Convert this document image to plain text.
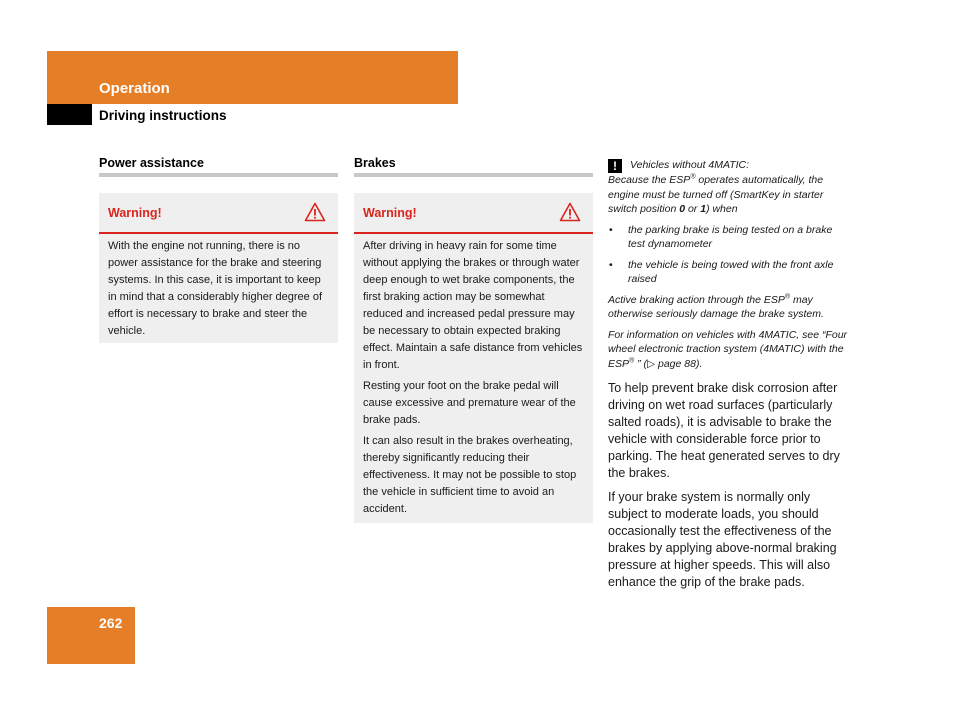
Operation
Driving instructions
Power assistance
Warning!

With the engine not running, there is no power assistance for the brake and steering systems. In this case, it is important to keep in mind that a considerably higher degree of effort is necessary to brake and steer the vehicle.

Brakes
Warning!

After driving in heavy rain for some time without applying the brakes or through water deep enough to wet brake components, the first braking action may be somewhat reduced and increased pedal pressure may be necessary to obtain expected braking effect. Maintain a safe distance from vehicles in front.

Resting your foot on the brake pedal will cause excessive and premature wear of the brake pads.

It can also result in the brakes overheating, thereby significantly reducing their effectiveness. It may not be possible to stop the vehicle in sufficient time to avoid an accident.

! Vehicles without 4MATIC:
Because the ESP® operates automatically, the engine must be turned off (SmartKey in starter switch position 0 or 1) when

• the parking brake is being tested on a brake test dynamometer
• the vehicle is being towed with the front axle raised

Active braking action through the ESP® may otherwise seriously damage the brake system.

For information on vehicles with 4MATIC, see “Four wheel electronic traction system (4MATIC) with the ESP® ” (▷ page 88).

To help prevent brake disk corrosion after driving on wet road surfaces (particularly salted roads), it is advisable to brake the vehicle with considerable force prior to parking. The heat generated serves to dry the brakes.

If your brake system is normally only subject to moderate loads, you should occasionally test the effectiveness of the brakes by applying above-normal braking pressure at higher speeds. This will also enhance the grip of the brake pads.

262
